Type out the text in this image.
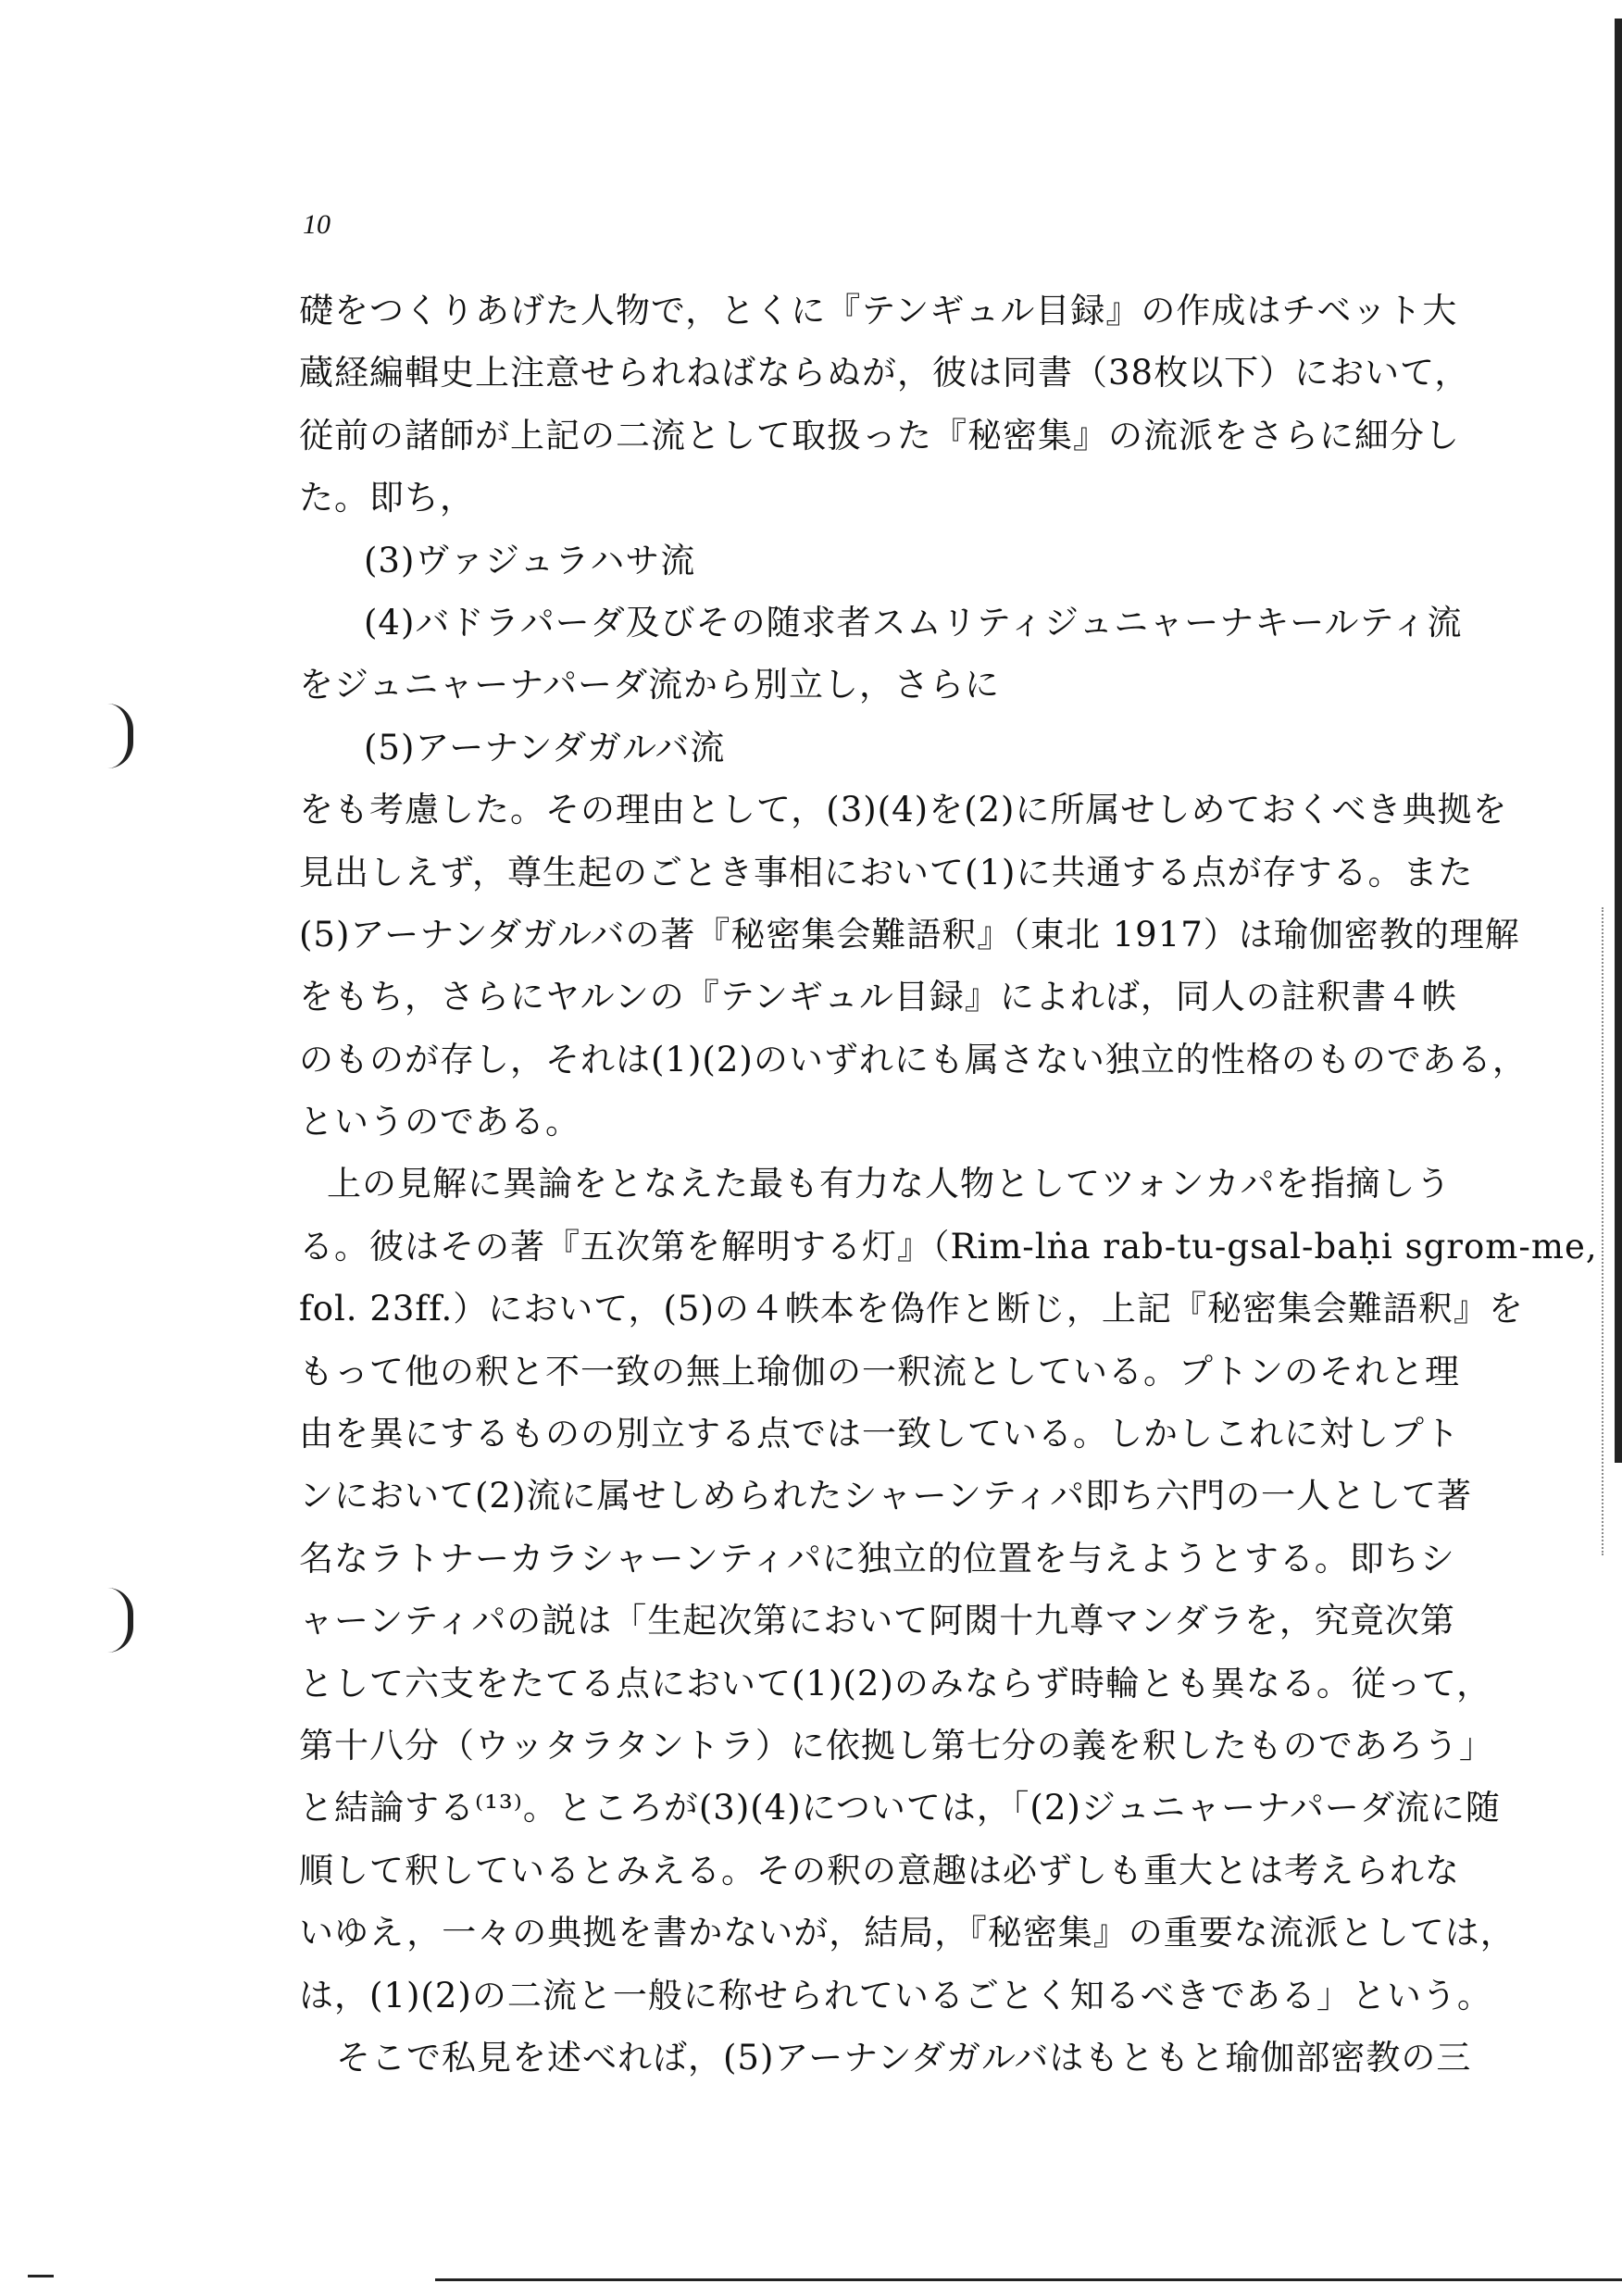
10
礎をつくりあげた人物で，とくに『テンギュル目録』の作成はチベット大
蔵経編輯史上注意せられねばならぬが，彼は同書（38枚以下）において，
従前の諸師が上記の二流として取扱った『秘密集』の流派をさらに細分し
た。即ち，
(3)ヴァジュラハサ流
(4)バドラパーダ及びその随求者スムリティジュニャーナキールティ流
をジュニャーナパーダ流から別立し，さらに
(5)アーナンダガルバ流
をも考慮した。その理由として，(3)(4)を(2)に所属せしめておくべき典拠を
見出しえず，尊生起のごとき事相において(1)に共通する点が存する。また
(5)アーナンダガルバの著『秘密集会難語釈』（東北 1917）は瑜伽密教的理解
をもち，さらにヤルンの『テンギュル目録』によれば，同人の註釈書４帙
のものが存し，それは(1)(2)のいずれにも属さない独立的性格のものである，
というのである。
上の見解に異論をとなえた最も有力な人物としてツォンカパを指摘しう
る。彼はその著『五次第を解明する灯』（Rim-lṅa rab-tu-gsal-baḥi sgrom-me,
fol. 23ff.）において，(5)の４帙本を偽作と断じ，上記『秘密集会難語釈』を
もって他の釈と不一致の無上瑜伽の一釈流としている。プトンのそれと理
由を異にするものの別立する点では一致している。しかしこれに対しプト
ンにおいて(2)流に属せしめられたシャーンティパ即ち六門の一人として著
名なラトナーカラシャーンティパに独立的位置を与えようとする。即ちシ
ャーンティパの説は「生起次第において阿閦十九尊マンダラを，究竟次第
として六支をたてる点において(1)(2)のみならず時輪とも異なる。従って，
第十八分（ウッタラタントラ）に依拠し第七分の義を釈したものであろう」
と結論する⁽¹³⁾。ところが(3)(4)については，「(2)ジュニャーナパーダ流に随
順して釈しているとみえる。その釈の意趣は必ずしも重大とは考えられな
いゆえ，一々の典拠を書かないが，結局，『秘密集』の重要な流派としては，
は，(1)(2)の二流と一般に称せられているごとく知るべきである」という。
そこで私見を述べれば，(5)アーナンダガルバはもともと瑜伽部密教の三
